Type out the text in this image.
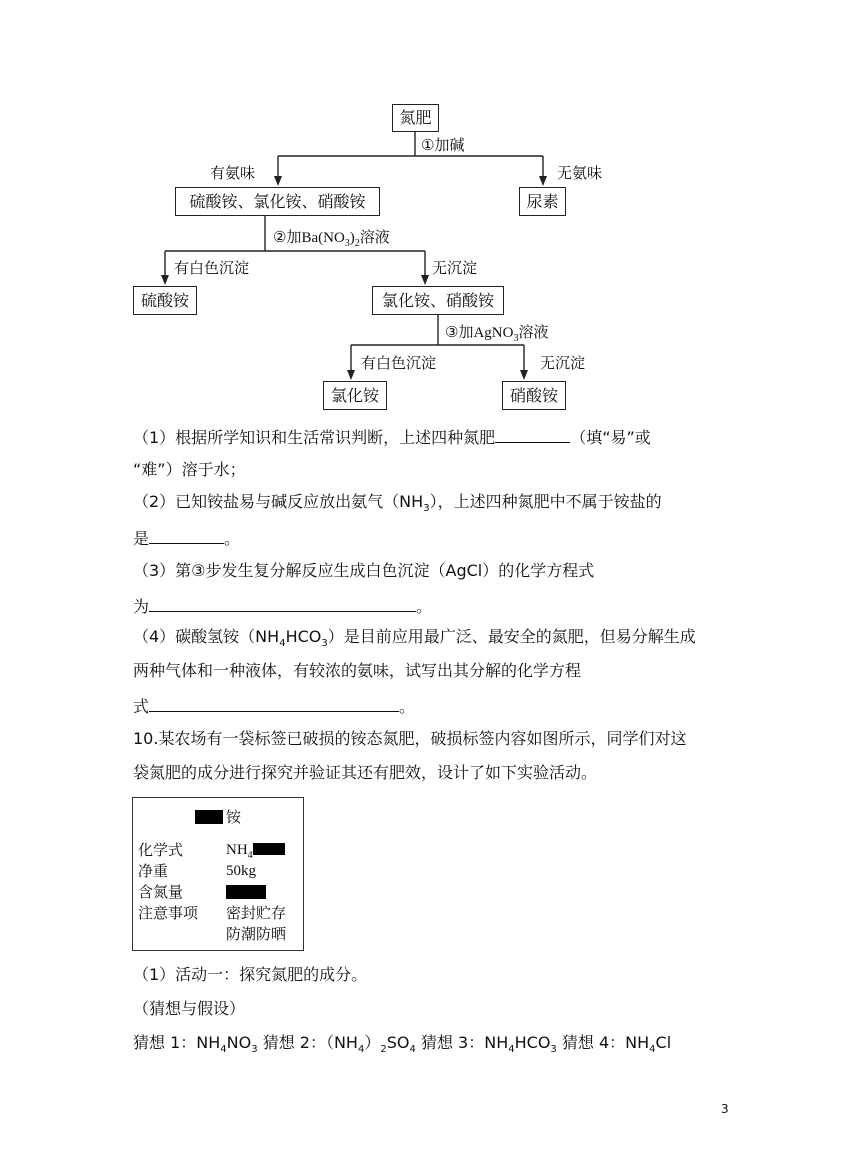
氮肥
①加碱
有氨味	无氨味
硫酸铵、氯化铵、硝酸铵	尿素
②加$Ba(NO_3)_2$溶液
有白色沉淀	无沉淀
硫酸铵	氯化铵、硝酸铵
③加AgNO$_3$溶液
有白色沉淀	无沉淀
氯化铵	硝酸铵
（1）根据所学知识和生活常识判断，上述四种氮肥	（填“易”或
“难”）溶于水；
（2）已知铵盐易与碱反应放出氨气$(NH_3)$，上述四种氮肥中不属于铵盐的
是	。
（3）第③步发生复分解反应生成白色沉淀（AgCl）的化学方程式
为	。
（4）碳酸氢铵$(NH_4HCO_3)$是目前应用最广泛、最安全的氮肥，但易分解生成
两种气体和一种液体，有较浓的氨味，试写出其分解的化学方程
式	。
10.某农场有一袋标签已破损的铵态氮肥，破损标签内容如图所示，同学们对这
袋氮肥的成分进行探究并验证其还有肥效，设计了如下实验活动。
铵
化学式	$NH_4$
净重	50kg
含氮量
注意事项 密封贮存
防潮防晒
（1）活动一：探究氮肥的成分。
（猜想与假设）
猜想 1：$NH_4NO_3$ 猜想 2：$(NH_4)_2SO_4$ 猜想 3：$NH_4HCO_3$ 猜想 4：$NH_4Cl$
3
